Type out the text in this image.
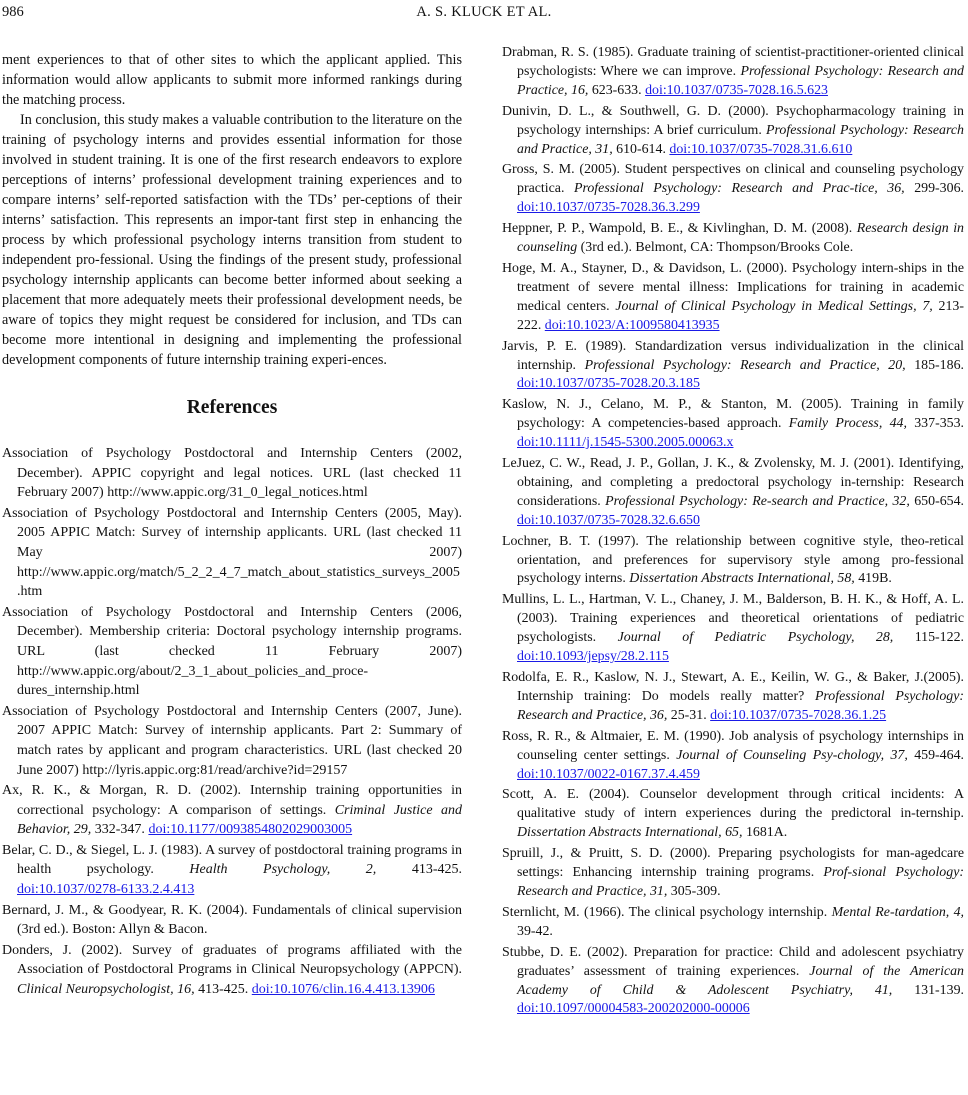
986	A. S. KLUCK ET AL.

ment experiences to that of other sites to which the applicant applied. This information would allow applicants to submit more informed rankings during the matching process.

In conclusion, this study makes a valuable contribution to the literature on the training of psychology interns and provides essential information for those involved in student training. It is one of the first research endeavors to explore perceptions of interns’ professional development training experiences and to compare interns’ self-reported satisfaction with the TDs’ per-ceptions of their interns’ satisfaction. This represents an impor-tant first step in enhancing the process by which professional psychology interns transition from student to independent pro-fessional. Using the findings of the present study, professional psychology internship applicants can become better informed about seeking a placement that more adequately meets their professional development needs, be aware of topics they might request be considered for inclusion, and TDs can become more intentional in designing and implementing the professional development components of future internship training experi-ences.

References

Association of Psychology Postdoctoral and Internship Centers (2002, December). APPIC copyright and legal notices. URL (last checked 11 February 2007) http://www.appic.org/31_0_legal_notices.html

Association of Psychology Postdoctoral and Internship Centers (2005, May). 2005 APPIC Match: Survey of internship applicants. URL (last checked 11 May 2007) http://www.appic.org/match/5_2_2_4_7_match_about_statistics_surveys_2005.htm

Association of Psychology Postdoctoral and Internship Centers (2006, December). Membership criteria: Doctoral psychology internship programs. URL (last checked 11 February 2007) http://www.appic.org/about/2_3_1_about_policies_and_proce-dures_internship.html

Association of Psychology Postdoctoral and Internship Centers (2007, June). 2007 APPIC Match: Survey of internship applicants. Part 2: Summary of match rates by applicant and program characteristics. URL (last checked 20 June 2007) http://lyris.appic.org:81/read/archive?id=29157

Ax, R. K., & Morgan, R. D. (2002). Internship training opportunities in correctional psychology: A comparison of settings. Criminal Justice and Behavior, 29, 332-347. doi:10.1177/0093854802029003005

Belar, C. D., & Siegel, L. J. (1983). A survey of postdoctoral training programs in health psychology. Health Psychology, 2, 413-425. doi:10.1037/0278-6133.2.4.413

Bernard, J. M., & Goodyear, R. K. (2004). Fundamentals of clinical supervision (3rd ed.). Boston: Allyn & Bacon.

Donders, J. (2002). Survey of graduates of programs affiliated with the Association of Postdoctoral Programs in Clinical Neuropsychology (APPCN). Clinical Neuropsychologist, 16, 413-425. doi:10.1076/clin.16.4.413.13906

Drabman, R. S. (1985). Graduate training of scientist-practitioner-oriented clinical psychologists: Where we can improve. Professional Psychology: Research and Practice, 16, 623-633. doi:10.1037/0735-7028.16.5.623

Dunivin, D. L., & Southwell, G. D. (2000). Psychopharmacology training in psychology internships: A brief curriculum. Professional Psychology: Research and Practice, 31, 610-614. doi:10.1037/0735-7028.31.6.610

Gross, S. M. (2005). Student perspectives on clinical and counseling psychology practica. Professional Psychology: Research and Prac-tice, 36, 299-306. doi:10.1037/0735-7028.36.3.299

Heppner, P. P., Wampold, B. E., & Kivlinghan, D. M. (2008). Research design in counseling (3rd ed.). Belmont, CA: Thompson/Brooks Cole.

Hoge, M. A., Stayner, D., & Davidson, L. (2000). Psychology intern-ships in the treatment of severe mental illness: Implications for training in academic medical centers. Journal of Clinical Psychology in Medical Settings, 7, 213-222. doi:10.1023/A:1009580413935

Jarvis, P. E. (1989). Standardization versus individualization in the clinical internship. Professional Psychology: Research and Practice, 20, 185-186. doi:10.1037/0735-7028.20.3.185

Kaslow, N. J., Celano, M. P., & Stanton, M. (2005). Training in family psychology: A competencies-based approach. Family Process, 44, 337-353. doi:10.1111/j.1545-5300.2005.00063.x

LeJuez, C. W., Read, J. P., Gollan, J. K., & Zvolensky, M. J. (2001). Identifying, obtaining, and completing a predoctoral psychology in-ternship: Research considerations. Professional Psychology: Re-search and Practice, 32, 650-654. doi:10.1037/0735-7028.32.6.650

Lochner, B. T. (1997). The relationship between cognitive style, theo-retical orientation, and preferences for supervisory style among pro-fessional psychology interns. Dissertation Abstracts International, 58, 419B.

Mullins, L. L., Hartman, V. L., Chaney, J. M., Balderson, B. H. K., & Hoff, A. L. (2003). Training experiences and theoretical orientations of pediatric psychologists. Journal of Pediatric Psychology, 28, 115-122. doi:10.1093/jepsy/28.2.115

Rodolfa, E. R., Kaslow, N. J., Stewart, A. E., Keilin, W. G., & Baker, J.(2005). Internship training: Do models really matter? Professional Psychology: Research and Practice, 36, 25-31. doi:10.1037/0735-7028.36.1.25

Ross, R. R., & Altmaier, E. M. (1990). Job analysis of psychology internships in counseling center settings. Journal of Counseling Psy-chology, 37, 459-464. doi:10.1037/0022-0167.37.4.459

Scott, A. E. (2004). Counselor development through critical incidents: A qualitative study of intern experiences during the predictoral in-ternship. Dissertation Abstracts International, 65, 1681A.

Spruill, J., & Pruitt, S. D. (2000). Preparing psychologists for man-agedcare settings: Enhancing internship training programs. Prof-sional Psychology: Research and Practice, 31, 305-309.

Sternlicht, M. (1966). The clinical psychology internship. Mental Re-tardation, 4, 39-42.

Stubbe, D. E. (2002). Preparation for practice: Child and adolescent psychiatry graduates’ assessment of training experiences. Journal of the American Academy of Child & Adolescent Psychiatry, 41, 131-139. doi:10.1097/00004583-200202000-00006
